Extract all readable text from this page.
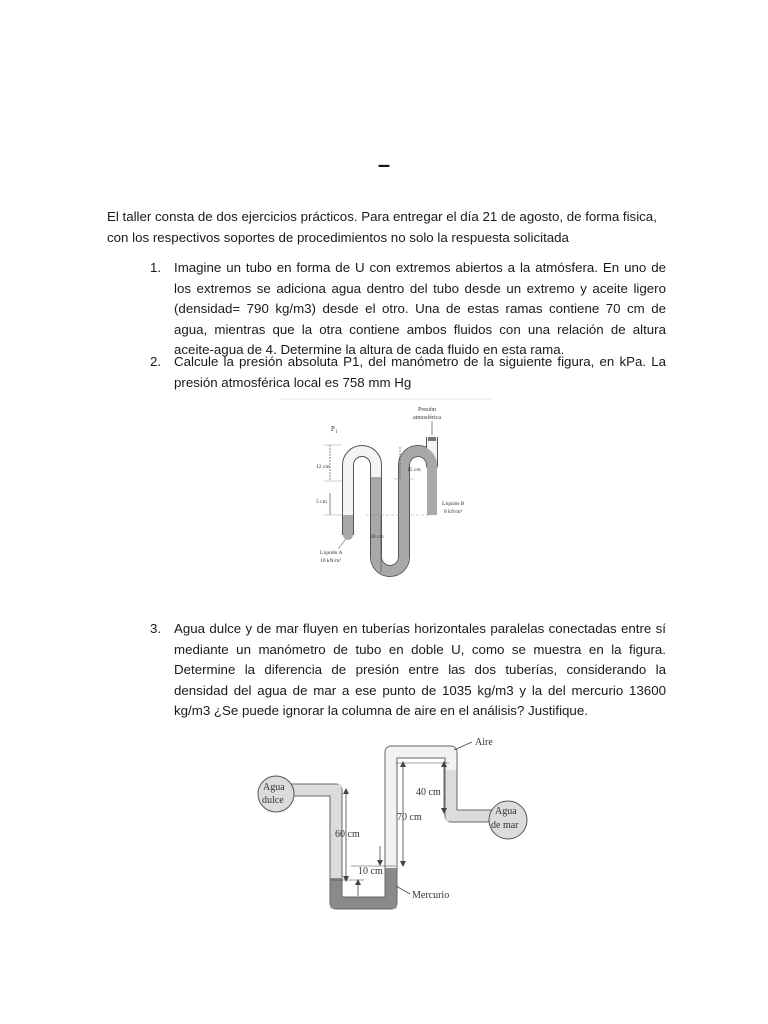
–
El taller consta de dos ejercicios prácticos. Para entregar el día 21 de agosto, de forma fisica, con los respectivos soportes de procedimientos no solo la respuesta solicitada
1. Imagine un tubo en forma de U con extremos abiertos a la atmósfera. En uno de los extremos se adiciona agua dentro del tubo desde un extremo y aceite ligero (densidad= 790 kg/m3) desde el otro. Una de estas ramas contiene 70 cm de agua, mientras que la otra contiene ambos fluidos con una relación de altura aceite-agua de 4. Determine la altura de cada fluido en esta rama.
2. Calcule la presión absoluta P1, del manómetro de la siguiente figura, en kPa. La presión atmosférica local es 758 mm Hg
$P_1$
Presión
atmosférica
12 cm
5 cm
15 cm
30 cm
Líquido B
8 kN/m³
Líquido A
10 kN/m³
3. Agua dulce y de mar fluyen en tuberías horizontales paralelas conectadas entre sí mediante un manómetro de tubo en doble U, como se muestra en la figura. Determine la diferencia de presión entre las dos tuberías, considerando la densidad del agua de mar a ese punto de 1035 kg/m3 y la del mercurio 13600 kg/m3 ¿Se puede ignorar la columna de aire en el análisis? Justifique.
Agua
dulce
Agua
de mar
Aire
40 cm
70 cm
60 cm
10 cm
Mercurio
